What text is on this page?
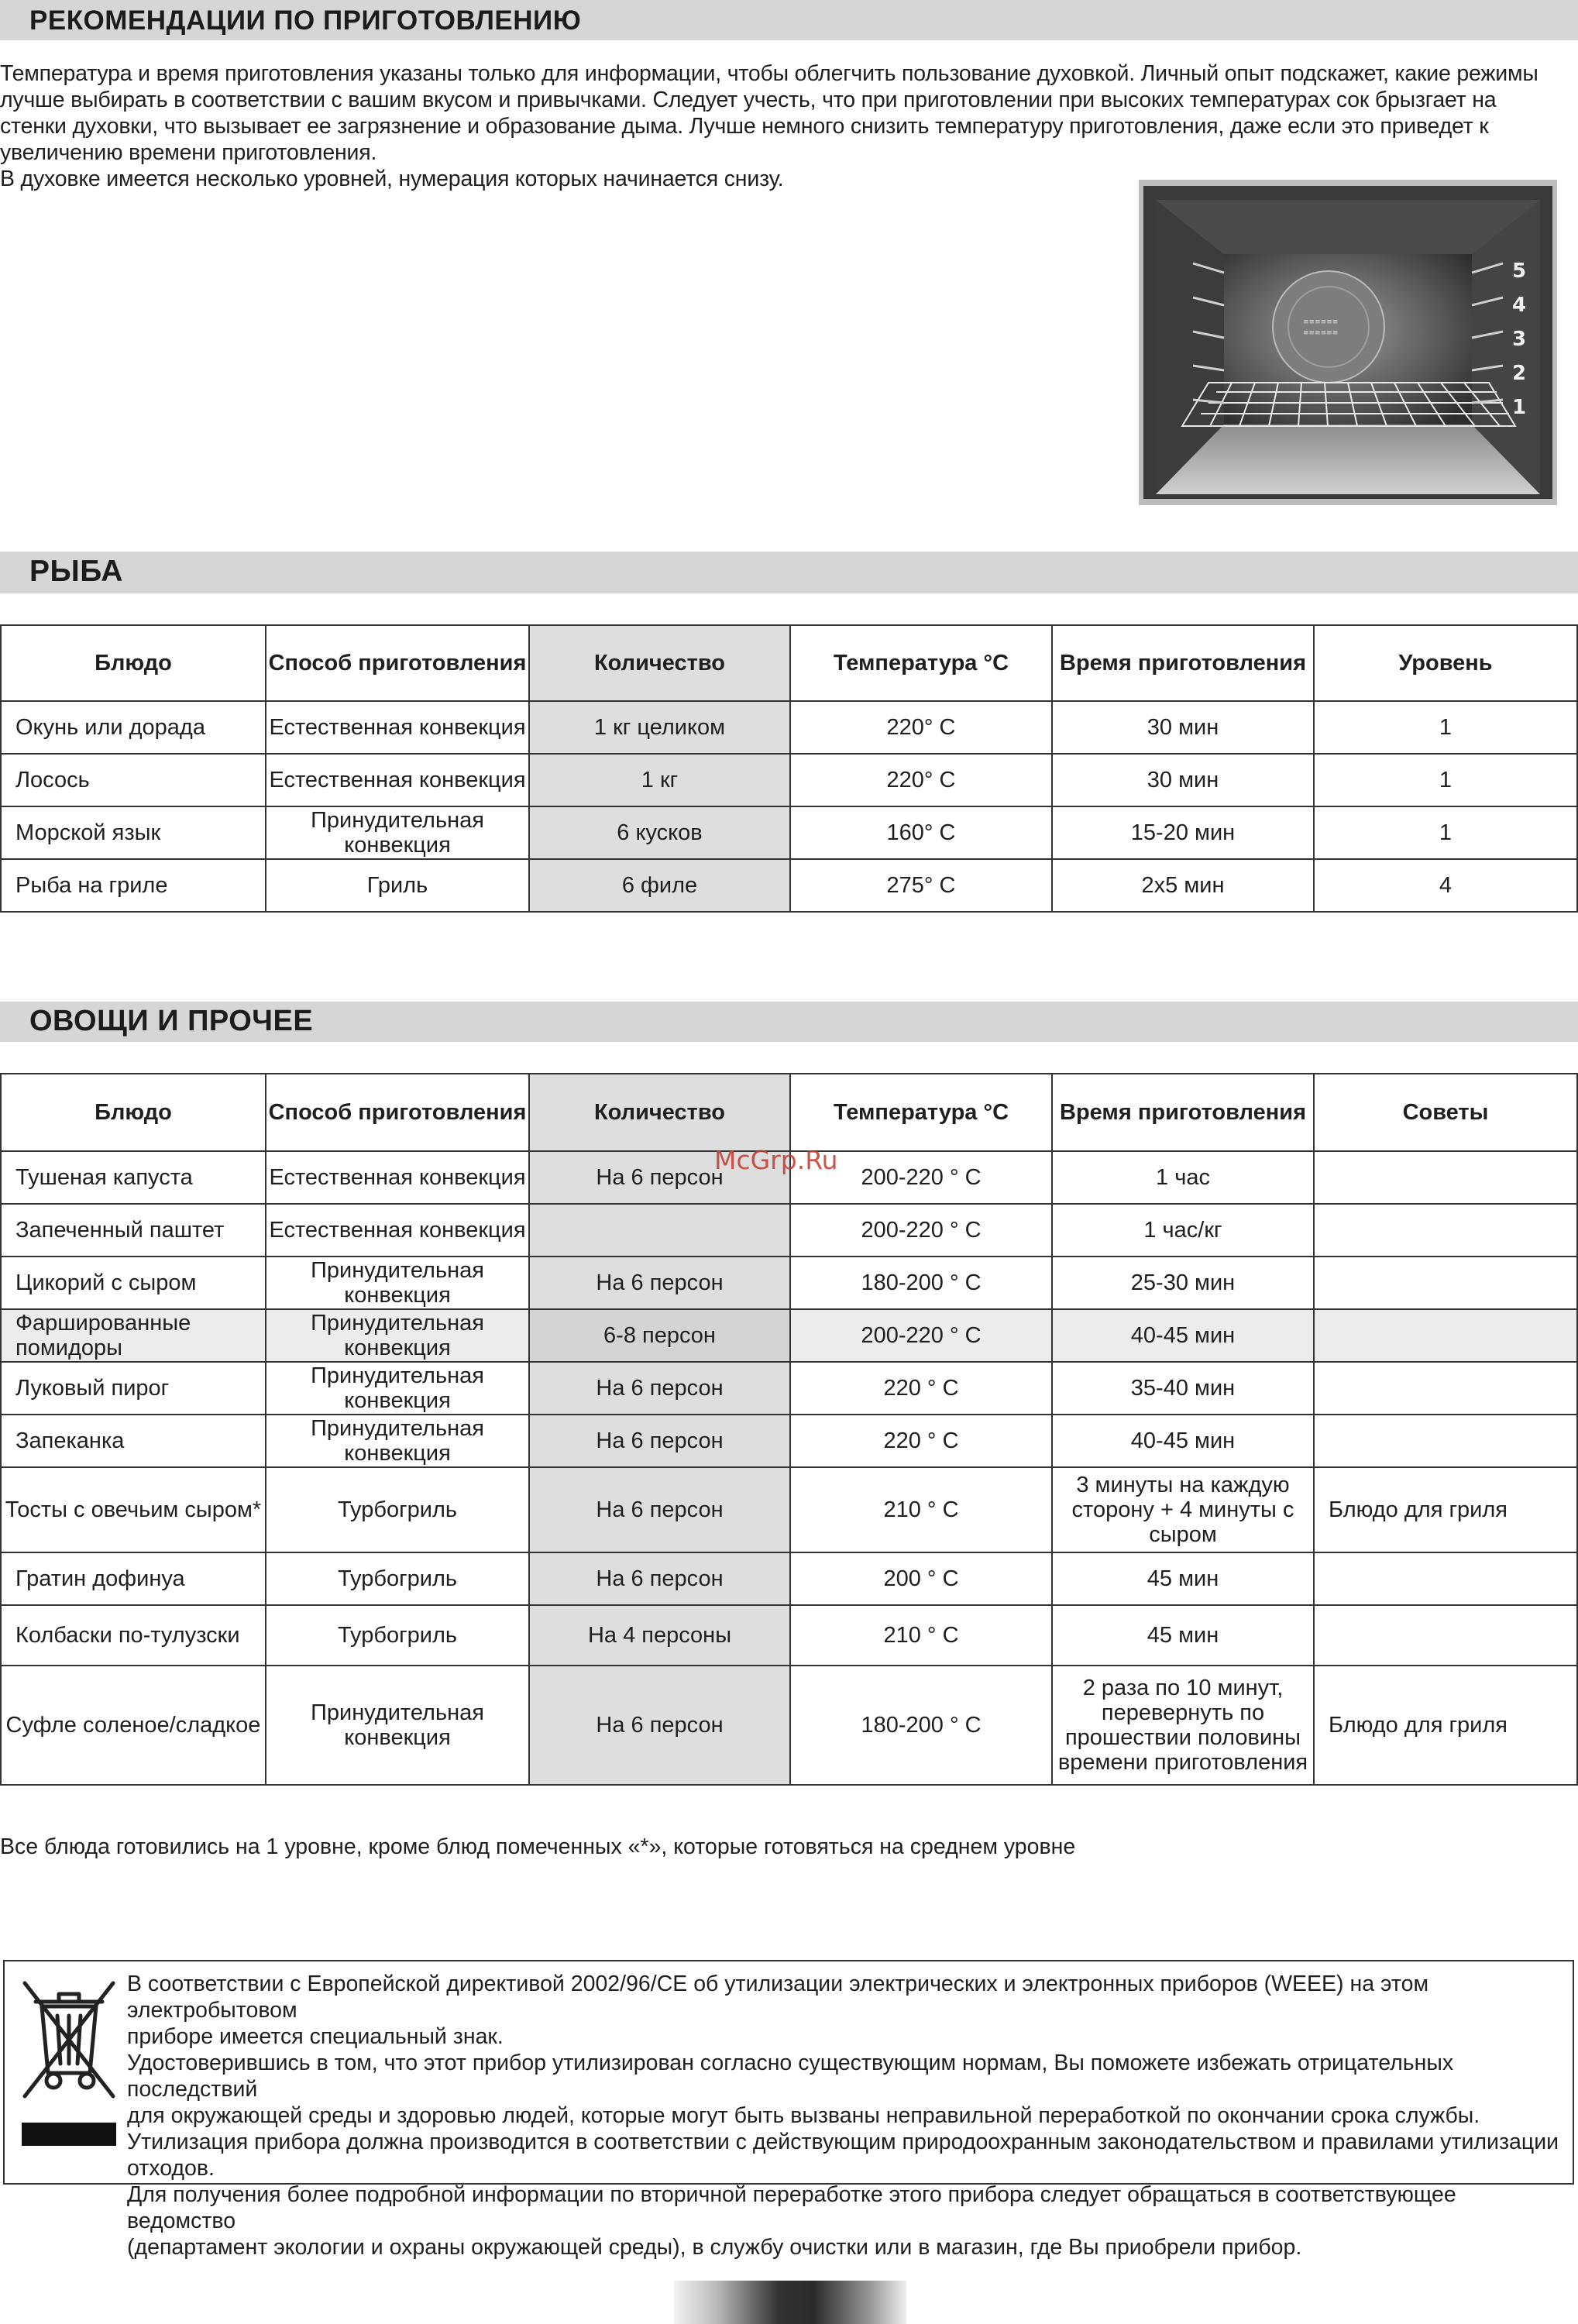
РЕКОМЕНДАЦИИ ПО ПРИГОТОВЛЕНИЮ

Температура и время приготовления указаны только для информации, чтобы облегчить пользование духовкой. Личный опыт подскажет, какие режимы

лучше выбирать в соответствии с вашим вкусом и привычками. Следует учесть, что при приготовлении при высоких температурах сок брызгает на

стенки духовки, что вызывает ее загрязнение и образование дыма. Лучше немного снизить температуру приготовления, даже если это приведет к

увеличению времени приготовления.

В духовке имеется несколько уровней, нумерация которых начинается снизу.

≡≡≡≡≡≡
≡≡≡≡≡≡
5
4
3
2
1
РЫБА
Блюдо	Способ приготовления	Количество	Температура °С	Время приготовления	Уровень
Окунь или дорада	Естественная конвекция	1 кг целиком	220° С	30 мин	1
Лосось	Естественная конвекция	1 кг	220° С	30 мин	1
Морской язык	Принудительная конвекция	6 кусков	160° С	15-20 мин	1
Рыба на гриле	Гриль	6 филе	275° С	2х5 мин	4
ОВОЩИ И ПРОЧЕЕ
Блюдо	Способ приготовления	Количество	Температура °С	Время приготовления	Советы
Тушеная капуста	Естественная конвекция	На 6 персон	200-220 ° С	1 час	
Запеченный паштет	Естественная конвекция		200-220 ° С	1 час/кг	
Цикорий с сыром	Принудительная конвекция	На 6 персон	180-200 ° С	25-30 мин	
Фаршированные помидоры	Принудительная конвекция	6-8 персон	200-220 ° С	40-45 мин	
Луковый пирог	Принудительная конвекция	На 6 персон	220 ° С	35-40 мин	
Запеканка	Принудительная конвекция	На 6 персон	220 ° С	40-45 мин	
Тосты с овечьим сыром*	Турбогриль	На 6 персон	210 ° С	3 минуты на каждую сторону + 4 минуты с сыром	Блюдо для гриля
Гратин дофинуа	Турбогриль	На 6 персон	200 ° С	45 мин	
Колбаски по-тулузски	Турбогриль	На 4 персоны	210 ° С	45 мин	
Суфле соленое/сладкое	Принудительная конвекция	На 6 персон	180-200 ° С	2 раза по 10 минут, перевернуть по прошествии половины времени приготовления	Блюдо для гриля
McGrp.Ru
Все блюда готовились на 1 уровне, кроме блюд помеченных «*», которые готовяться на среднем уровне

В соответствии с Европейской директивой 2002/96/CE об утилизации электрических и электронных приборов (WEEE) на этом электробытовом

приборе имеется специальный знак.

Удостоверившись в том, что этот прибор утилизирован согласно существующим нормам, Вы поможете избежать отрицательных последствий

для окружающей среды и здоровью людей, которые могут быть вызваны неправильной переработкой по окончании срока службы.

Утилизация прибора должна производится в соответствии с действующим природоохранным законодательством и правилами утилизации

отходов.

Для получения более подробной информации по вторичной переработке этого прибора следует обращаться в соответствующее ведомство

(департамент экологии и охраны окружающей среды), в службу очистки или в магазин, где Вы приобрели прибор.
